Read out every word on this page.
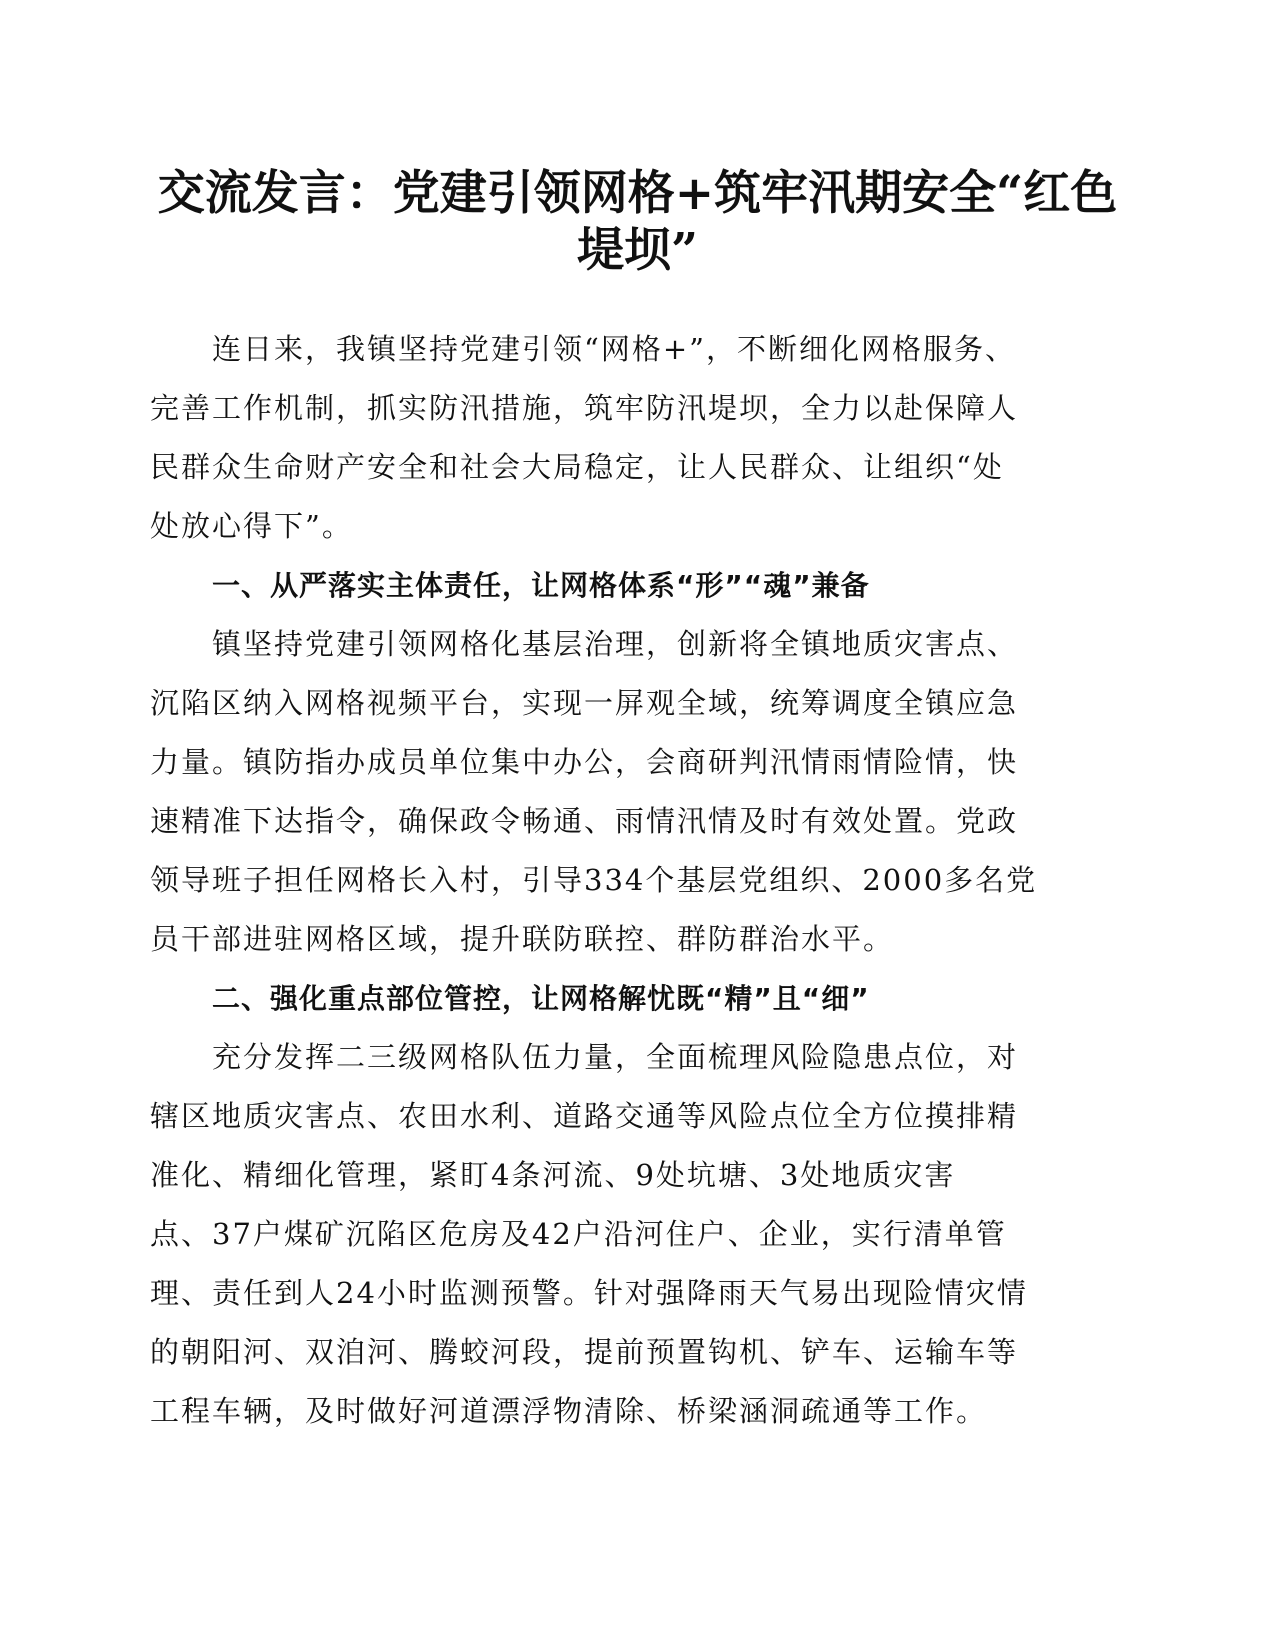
交流发言：党建引领网格+筑牢汛期安全“红色
堤坝”

连日来，我镇坚持党建引领“网格+”，不断细化网格服务、
完善工作机制，抓实防汛措施，筑牢防汛堤坝，全力以赴保障人
民群众生命财产安全和社会大局稳定，让人民群众、让组织“处
处放心得下”。

一、从严落实主体责任，让网格体系“形”“魂”兼备

镇坚持党建引领网格化基层治理，创新将全镇地质灾害点、
沉陷区纳入网格视频平台，实现一屏观全域，统筹调度全镇应急
力量。镇防指办成员单位集中办公，会商研判汛情雨情险情，快
速精准下达指令，确保政令畅通、雨情汛情及时有效处置。党政
领导班子担任网格长入村，引导334个基层党组织、2000多名党
员干部进驻网格区域，提升联防联控、群防群治水平。

二、强化重点部位管控，让网格解忧既“精”且“细”

充分发挥二三级网格队伍力量，全面梳理风险隐患点位，对
辖区地质灾害点、农田水利、道路交通等风险点位全方位摸排精
准化、精细化管理，紧盯4条河流、9处坑塘、3处地质灾害
点、37户煤矿沉陷区危房及42户沿河住户、企业，实行清单管
理、责任到人24小时监测预警。针对强降雨天气易出现险情灾情
的朝阳河、双洎河、腾蛟河段，提前预置钩机、铲车、运输车等
工程车辆，及时做好河道漂浮物清除、桥梁涵洞疏通等工作。
